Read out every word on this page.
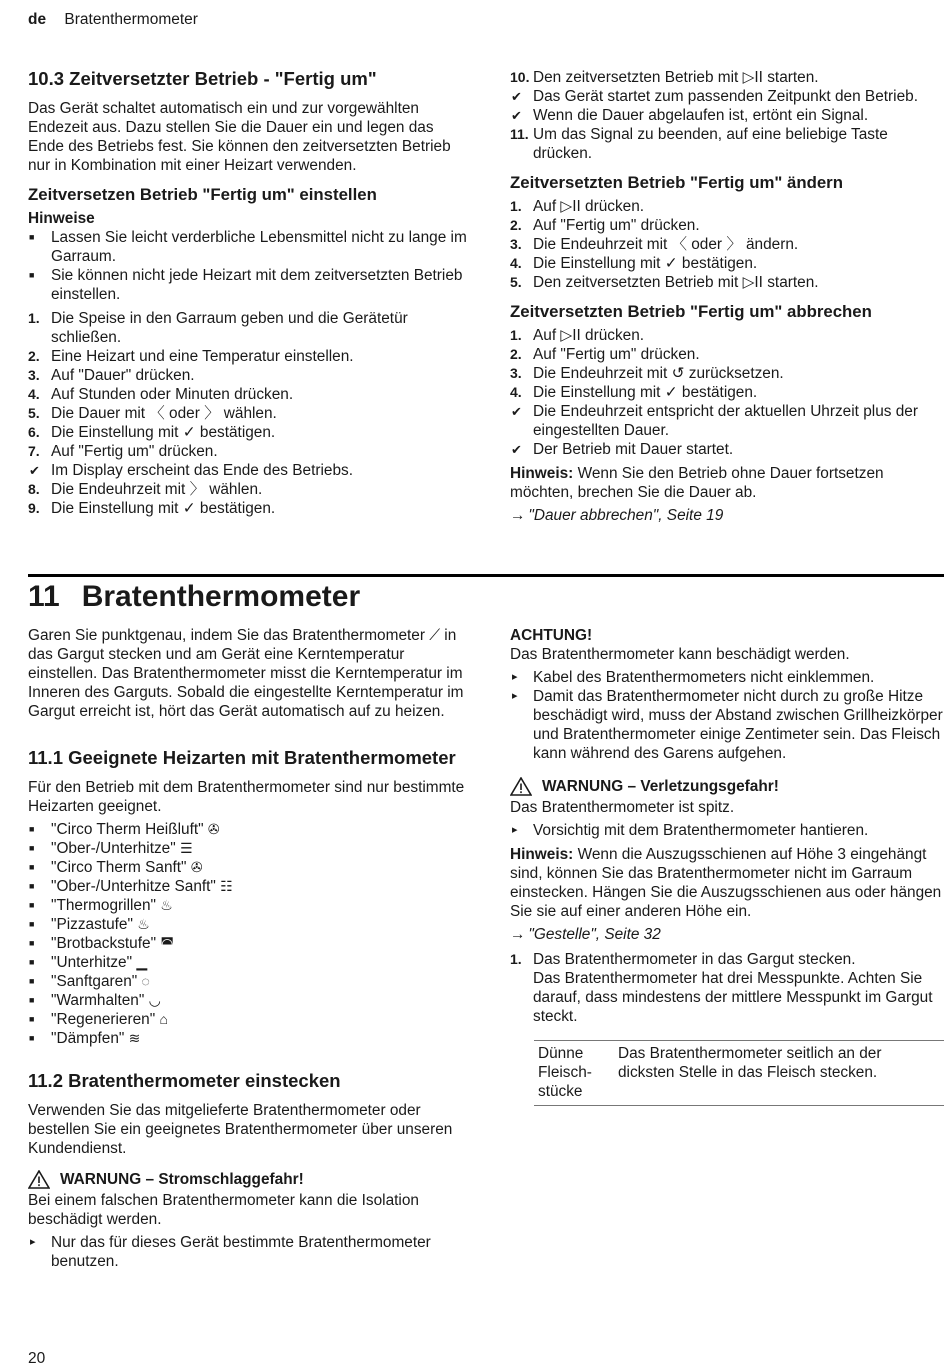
de Bratenthermometer
10.3 Zeitversetzter Betrieb - "Fertig um"

Das Gerät schaltet automatisch ein und zur vorgewählten Endezeit aus. Dazu stellen Sie die Dauer ein und legen das Ende des Betriebs fest. Sie können den zeitversetzten Betrieb nur in Kombination mit einer Heizart verwenden.

Zeitversetzen Betrieb "Fertig um" einstellen
Hinweise
■ Lassen Sie leicht verderbliche Lebensmittel nicht zu lange im Garraum.
■ Sie können nicht jede Heizart mit dem zeitversetzten Betrieb einstellen.
1. Die Speise in den Garraum geben und die Gerätetür schließen.
2. Eine Heizart und eine Temperatur einstellen.
3. Auf "Dauer" drücken.
4. Auf Stunden oder Minuten drücken.
5. Die Dauer mit 〈 oder 〉 wählen.
6. Die Einstellung mit ✓ bestätigen.
7. Auf "Fertig um" drücken.
✔ Im Display erscheint das Ende des Betriebs.
8. Die Endeuhrzeit mit 〉 wählen.
9. Die Einstellung mit ✓ bestätigen.
10. Den zeitversetzten Betrieb mit ▷II starten.
✔ Das Gerät startet zum passenden Zeitpunkt den Betrieb.
✔ Wenn die Dauer abgelaufen ist, ertönt ein Signal.
11. Um das Signal zu beenden, auf eine beliebige Taste drücken.
Zeitversetzten Betrieb "Fertig um" ändern
1. Auf ▷II drücken.
2. Auf "Fertig um" drücken.
3. Die Endeuhrzeit mit 〈 oder 〉 ändern.
4. Die Einstellung mit ✓ bestätigen.
5. Den zeitversetzten Betrieb mit ▷II starten.
Zeitversetzten Betrieb "Fertig um" abbrechen
1. Auf ▷II drücken.
2. Auf "Fertig um" drücken.
3. Die Endeuhrzeit mit ↺ zurücksetzen.
4. Die Einstellung mit ✓ bestätigen.
✔ Die Endeuhrzeit entspricht der aktuellen Uhrzeit plus der eingestellten Dauer.
✔ Der Betrieb mit Dauer startet.

Hinweis: Wenn Sie den Betrieb ohne Dauer fortsetzen möchten, brechen Sie die Dauer ab.

→ "Dauer abbrechen", Seite 19
11 Bratenthermometer

Garen Sie punktgenau, indem Sie das Bratenthermometer ⟋ in das Gargut stecken und am Gerät eine Kerntemperatur einstellen. Das Bratenthermometer misst die Kerntemperatur im Inneren des Garguts. Sobald die eingestellte Kerntemperatur im Gargut erreicht ist, hört das Gerät automatisch auf zu heizen.

11.1 Geeignete Heizarten mit Bratenthermometer

Für den Betrieb mit dem Bratenthermometer sind nur bestimmte Heizarten geeignet.

■ "Circo Therm Heißluft" ✇
■ "Ober-/Unterhitze" ☰
■ "Circo Therm Sanft" ✇
■ "Ober-/Unterhitze Sanft" ☷
■ "Thermogrillen" ♨
■ "Pizzastufe" ♨
■ "Brotbackstufe" ◚
■ "Unterhitze" ▁
■ "Sanftgaren" ◌
■ "Warmhalten" ◡
■ "Regenerieren" ⌂
■ "Dämpfen" ≋
11.2 Bratenthermometer einstecken

Verwenden Sie das mitgelieferte Bratenthermometer oder bestellen Sie ein geeignetes Bratenthermometer über unseren Kundendienst.

WARNUNG – Stromschlaggefahr!

Bei einem falschen Bratenthermometer kann die Isolation beschädigt werden.

▸ Nur das für dieses Gerät bestimmte Bratenthermometer benutzen.
ACHTUNG!

Das Bratenthermometer kann beschädigt werden.

▸ Kabel des Bratenthermometers nicht einklemmen.
▸ Damit das Bratenthermometer nicht durch zu große Hitze beschädigt wird, muss der Abstand zwischen Grillheizkörper und Bratenthermometer einige Zentimeter sein. Das Fleisch kann während des Garens aufgehen.
WARNUNG – Verletzungsgefahr!

Das Bratenthermometer ist spitz.

▸ Vorsichtig mit dem Bratenthermometer hantieren.

Hinweis: Wenn die Auszugsschienen auf Höhe 3 eingehängt sind, können Sie das Bratenthermometer nicht im Garraum einstecken. Hängen Sie die Auszugsschienen aus oder hängen Sie sie auf einer anderen Höhe ein.

→ "Gestelle", Seite 32
1. Das Bratenthermometer in das Gargut stecken.
Das Bratenthermometer hat drei Messpunkte. Achten Sie darauf, dass mindestens der mittlere Messpunkt im Gargut steckt.
Dünne Fleisch-stücke	Das Bratenthermometer seitlich an der dicksten Stelle in das Fleisch stecken.
20
